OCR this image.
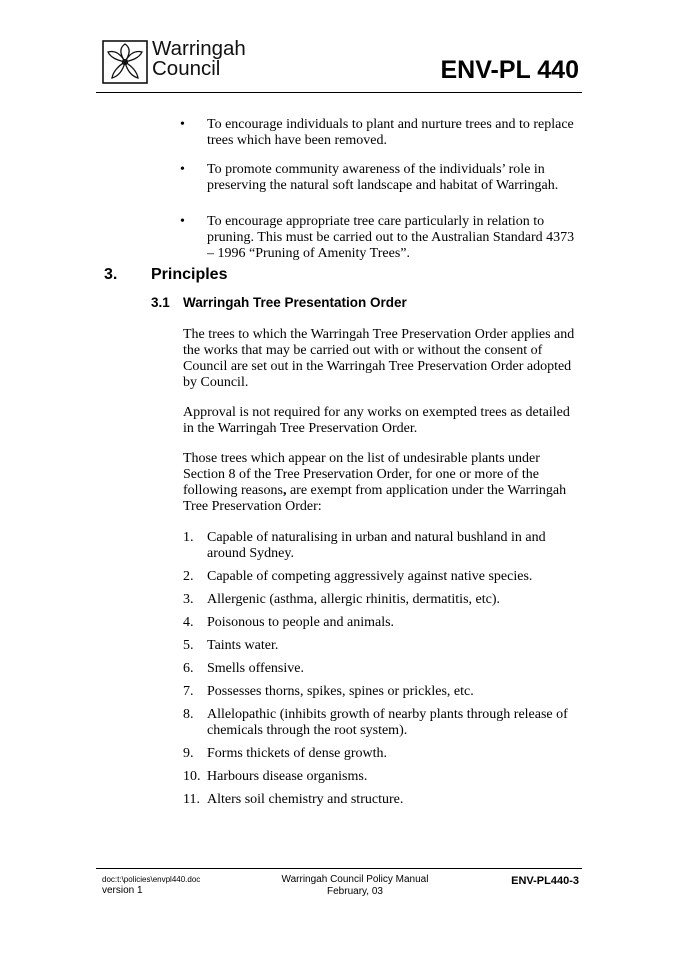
Warringah
Council	ENV-PL 440
• To encourage individuals to plant and nurture trees and to replace trees which have been removed.
• To promote community awareness of the individuals’ role in preserving the natural soft landscape and habitat of Warringah.
• To encourage appropriate tree care particularly in relation to pruning. This must be carried out to the Australian Standard 4373 – 1996 “Pruning of Amenity Trees”.
3. Principles
3.1 Warringah Tree Presentation Order

The trees to which the Warringah Tree Preservation Order applies and the works that may be carried out with or without the consent of Council are set out in the Warringah Tree Preservation Order adopted by Council.

Approval is not required for any works on exempted trees as detailed in the Warringah Tree Preservation Order.

Those trees which appear on the list of undesirable plants under Section 8 of the Tree Preservation Order, for one or more of the following reasons, are exempt from application under the Warringah Tree Preservation Order:

1. Capable of naturalising in urban and natural bushland in and around Sydney.
2. Capable of competing aggressively against native species.
3. Allergenic (asthma, allergic rhinitis, dermatitis, etc).
4. Poisonous to people and animals.
5. Taints water.
6. Smells offensive.
7. Possesses thorns, spikes, spines or prickles, etc.
8. Allelopathic (inhibits growth of nearby plants through release of chemicals through the root system).
9. Forms thickets of dense growth.
10. Harbours disease organisms.
11. Alters soil chemistry and structure.
doc:t:\policies\envpl440.doc
version 1
Warringah Council Policy Manual
February, 03
ENV-PL440-3
